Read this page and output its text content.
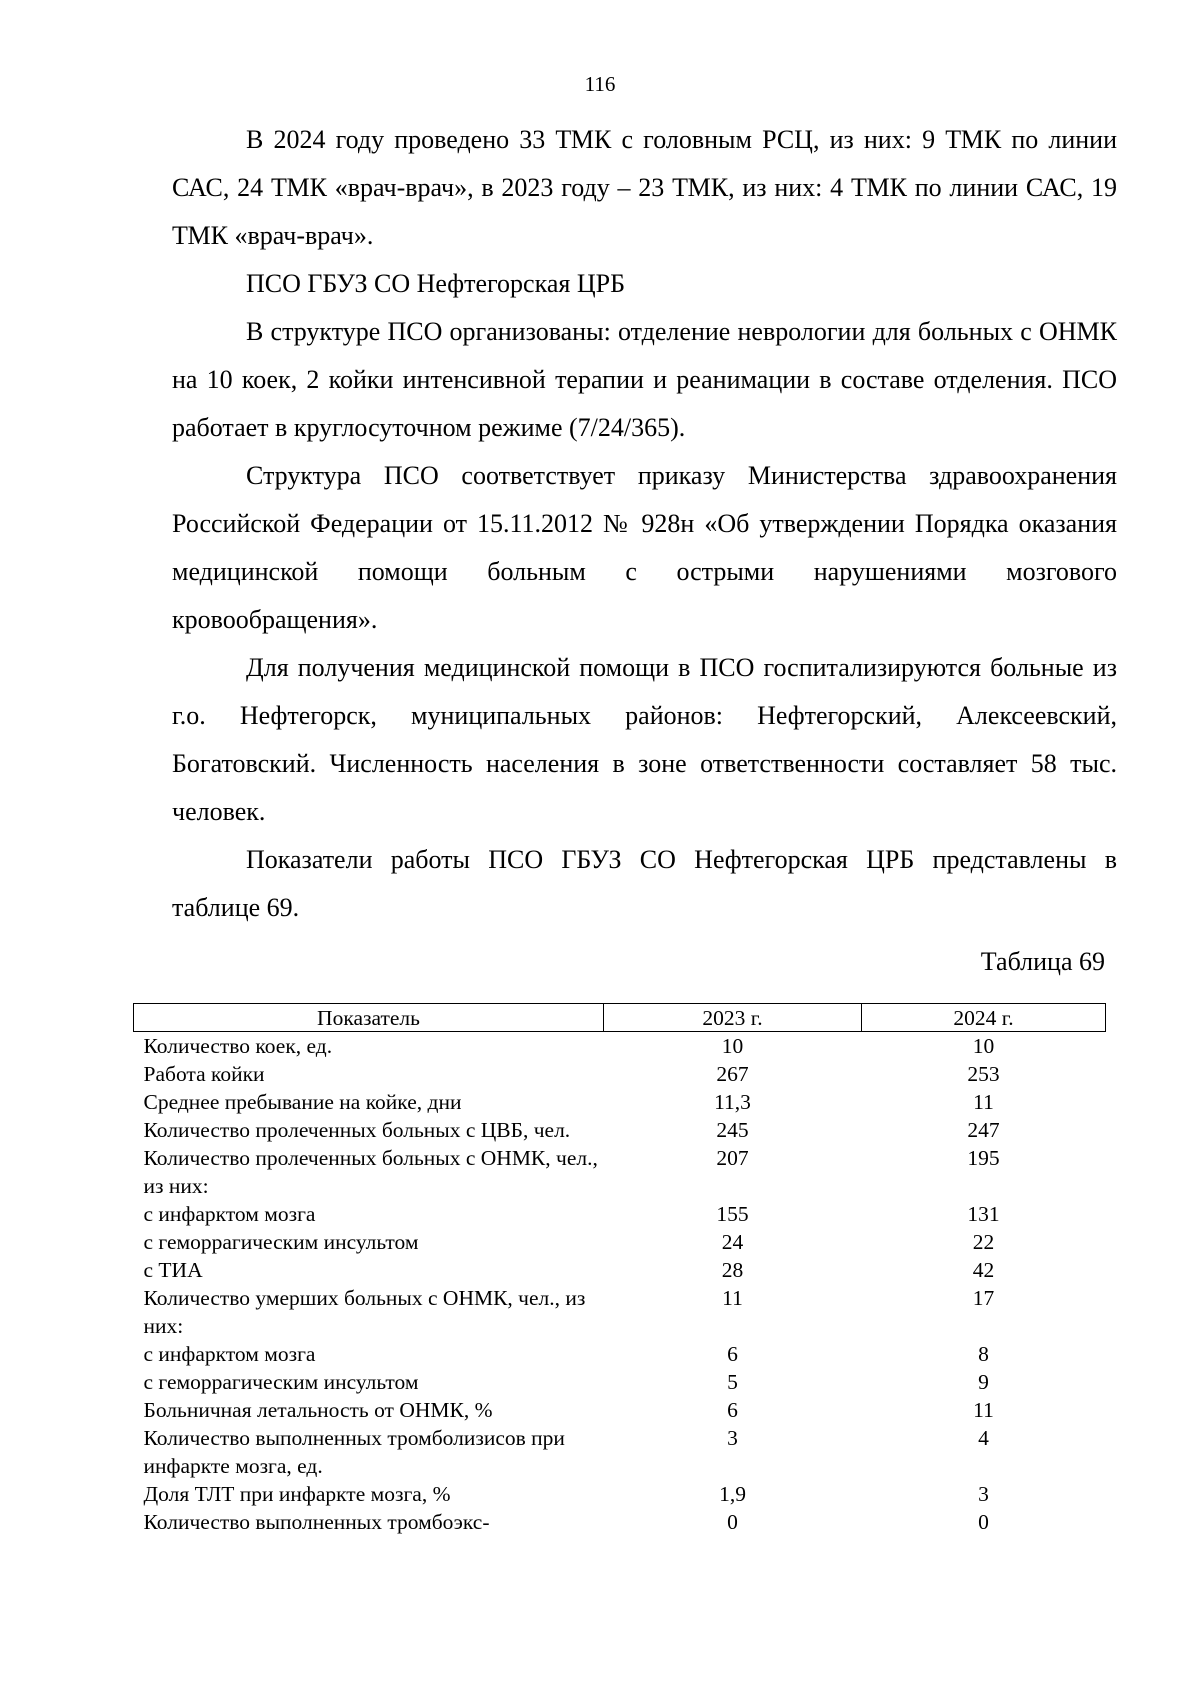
116

В 2024 году проведено 33 ТМК с головным РСЦ, из них: 9 ТМК по линии САС, 24 ТМК «врач-врач», в 2023 году – 23 ТМК, из них: 4 ТМК по линии САС, 19 ТМК «врач-врач».

ПСО ГБУЗ СО Нефтегорская ЦРБ

В структуре ПСО организованы: отделение неврологии для больных с ОНМК на 10 коек, 2 койки интенсивной терапии и реанимации в составе отделения. ПСО работает в круглосуточном режиме (7/24/365).

Структура ПСО соответствует приказу Министерства здравоохранения Российской Федерации от 15.11.2012 № 928н «Об утверждении Порядка оказания медицинской помощи больным с острыми нарушениями мозгового кровообращения».

Для получения медицинской помощи в ПСО госпитализируются больные из г.о. Нефтегорск, муниципальных районов: Нефтегорский, Алексеевский, Богатовский. Численность населения в зоне ответственности составляет 58 тыс. человек.

Показатели работы ПСО ГБУЗ СО Нефтегорская ЦРБ представлены в таблице 69.

Таблица 69
Показатель	2023 г.	2024 г.
Количество коек, ед.	10	10
Работа койки	267	253
Среднее пребывание на койке, дни	11,3	11
Количество пролеченных больных с ЦВБ, чел.	245	247
Количество пролеченных больных с ОНМК, чел., из них:	207	195
с инфарктом мозга	155	131
с геморрагическим инсультом	24	22
с ТИА	28	42
Количество умерших больных с ОНМК, чел., из них:	11	17
с инфарктом мозга	6	8
с геморрагическим инсультом	5	9
Больничная летальность от ОНМК, %	6	11
Количество выполненных тромболизисов при инфаркте мозга, ед.	3	4
Доля ТЛТ при инфаркте мозга, %	1,9	3
Количество выполненных тромбоэкс-	0	0
